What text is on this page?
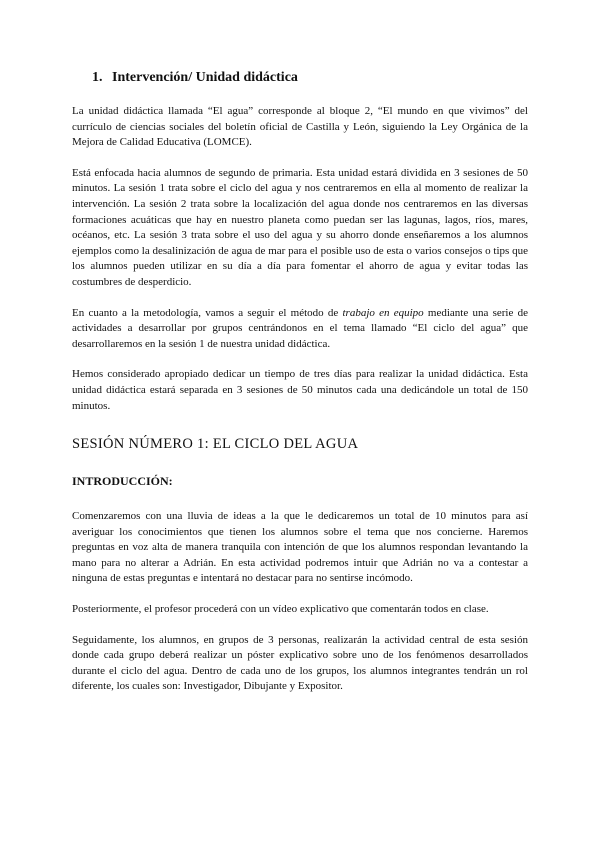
1. Intervención/ Unidad didáctica

La unidad didáctica llamada “El agua” corresponde al bloque 2, “El mundo en que vivimos” del currículo de ciencias sociales del boletín oficial de Castilla y León, siguiendo la Ley Orgánica de la Mejora de Calidad Educativa (LOMCE).

Está enfocada hacia alumnos de segundo de primaria. Esta unidad estará dividida en 3 sesiones de 50 minutos. La sesión 1 trata sobre el ciclo del agua y nos centraremos en ella al momento de realizar la intervención. La sesión 2 trata sobre la localización del agua donde nos centraremos en las diversas formaciones acuáticas que hay en nuestro planeta como puedan ser las lagunas, lagos, ríos, mares, océanos, etc. La sesión 3 trata sobre el uso del agua y su ahorro donde enseñaremos a los alumnos ejemplos como la desalinización de agua de mar para el posible uso de esta o varios consejos o tips que los alumnos pueden utilizar en su día a día para fomentar el ahorro de agua y evitar todas las costumbres de desperdicio.

En cuanto a la metodología, vamos a seguir el método de trabajo en equipo mediante una serie de actividades a desarrollar por grupos centrándonos en el tema llamado “El ciclo del agua” que desarrollaremos en la sesión 1 de nuestra unidad didáctica.

Hemos considerado apropiado dedicar un tiempo de tres días para realizar la unidad didáctica. Esta unidad didáctica estará separada en 3 sesiones de 50 minutos cada una dedicándole un total de 150 minutos.

SESIÓN NÚMERO 1: EL CICLO DEL AGUA
INTRODUCCIÓN:

Comenzaremos con una lluvia de ideas a la que le dedicaremos un total de 10 minutos para así averiguar los conocimientos que tienen los alumnos sobre el tema que nos concierne. Haremos preguntas en voz alta de manera tranquila con intención de que los alumnos respondan levantando la mano para no alterar a Adrián. En esta actividad podremos intuir que Adrián no va a contestar a ninguna de estas preguntas e intentará no destacar para no sentirse incómodo.

Posteriormente, el profesor procederá con un vídeo explicativo que comentarán todos en clase.

Seguidamente, los alumnos, en grupos de 3 personas, realizarán la actividad central de esta sesión donde cada grupo deberá realizar un póster explicativo sobre uno de los fenómenos desarrollados durante el ciclo del agua. Dentro de cada uno de los grupos, los alumnos integrantes tendrán un rol diferente, los cuales son: Investigador, Dibujante y Expositor.
